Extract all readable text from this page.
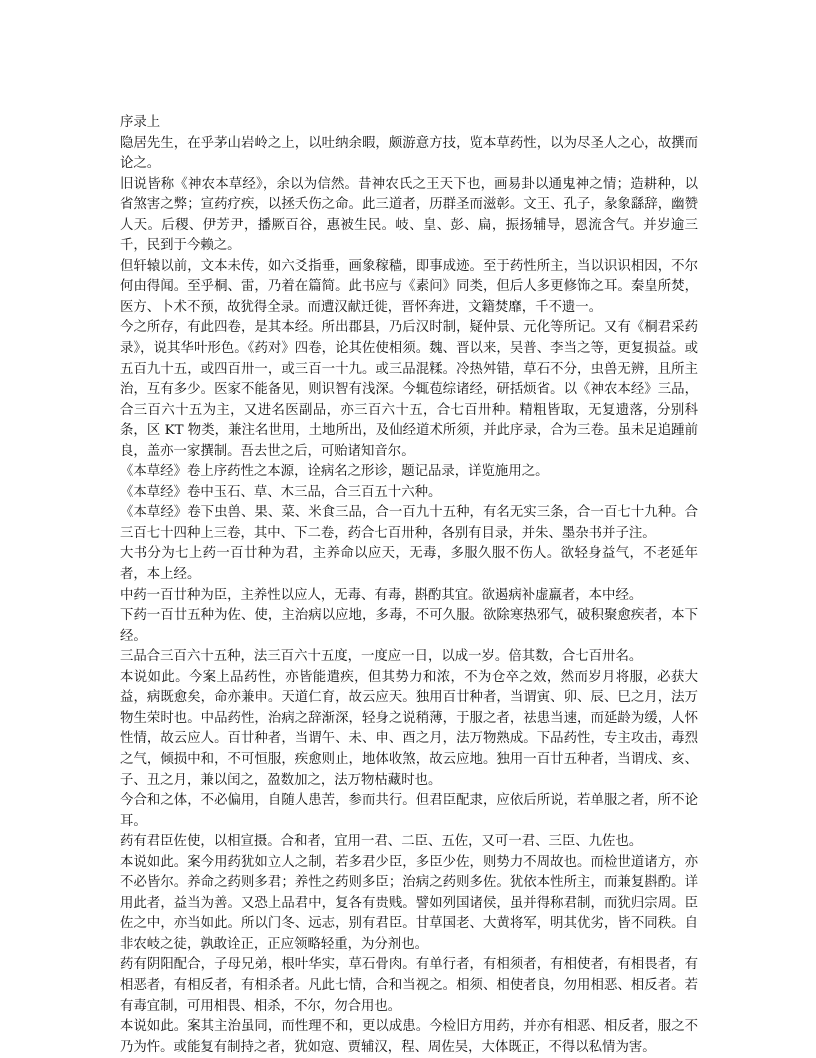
序录上

隐居先生，在乎茅山岩岭之上，以吐纳余暇，颇游意方技，览本草药性，以为尽圣人之心，故撰而论之。

旧说皆称《神农本草经》，余以为信然。昔神农氏之王天下也，画易卦以通鬼神之情；造耕种，以省煞害之弊；宣药疗疾，以拯夭伤之命。此三道者，历群圣而滋彰。文王、孔子，彖象繇辞，幽赞人天。后稷、伊芳尹，播厥百谷，惠被生民。岐、皇、彭、扁，振扬辅导，恩流含气。并岁逾三千，民到于今赖之。

但轩辕以前，文本未传，如六爻指垂，画象稼穑，即事成迹。至于药性所主，当以识识相因，不尔何由得闻。至乎桐、雷，乃着在篇简。此书应与《素问》同类，但后人多更修饰之耳。秦皇所焚，医方、卜术不预，故犹得全录。而遭汉献迁徙，晋怀奔进，文籍焚靡，千不遗一。

今之所存，有此四卷，是其本经。所出郡县，乃后汉时制，疑仲景、元化等所记。又有《桐君采药录》，说其华叶形色。《药对》四卷，论其佐使相须。魏、晋以来，吴普、李当之等，更复损益。或五百九十五，或四百卅一，或三百一十九。或三品混糅。冷热舛错，草石不分，虫兽无辨，且所主治，互有多少。医家不能备见，则识智有浅深。今辄苞综诸经，研括烦省。以《神农本经》三品，合三百六十五为主，又进名医副品，亦三百六十五，合七百卅种。精粗皆取，无复遗落，分别科条，区 KT 物类，兼注名世用，土地所出，及仙经道术所须，并此序录，合为三卷。虽未足追踵前良，盖亦一家撰制。吾去世之后，可贻诸知音尔。

《本草经》卷上序药性之本源，诠病名之形诊，题记品录，详览施用之。

《本草经》卷中玉石、草、木三品，合三百五十六种。

《本草经》卷下虫兽、果、菜、米食三品，合一百九十五种，有名无实三条，合一百七十九种。合三百七十四种上三卷，其中、下二卷，药合七百卅种，各别有目录，并朱、墨杂书并子注。

大书分为七上药一百廿种为君，主养命以应天，无毒，多服久服不伤人。欲轻身益气，不老延年者，本上经。

中药一百廿种为臣，主养性以应人，无毒、有毒，斟酌其宜。欲遏病补虚羸者，本中经。

下药一百廿五种为佐、使，主治病以应地，多毒，不可久服。欲除寒热邪气，破积聚愈疾者，本下经。

三品合三百六十五种，法三百六十五度，一度应一日，以成一岁。倍其数，合七百卅名。

本说如此。今案上品药性，亦皆能遣疾，但其势力和浓，不为仓卒之效，然而岁月将服，必获大益，病既愈矣，命亦兼申。天道仁育，故云应天。独用百廿种者，当谓寅、卯、辰、巳之月，法万物生荣时也。中品药性，治病之辞渐深，轻身之说稍薄，于服之者，祛患当速，而延龄为缓，人怀性情，故云应人。百廿种者，当谓午、未、申、酉之月，法万物熟成。下品药性，专主攻击，毒烈之气，倾损中和，不可恒服，疾愈则止，地体收煞，故云应地。独用一百廿五种者，当谓戌、亥、子、丑之月，兼以闰之，盈数加之，法万物枯藏时也。

今合和之体，不必偏用，自随人患苦，参而共行。但君臣配隶，应依后所说，若单服之者，所不论耳。

药有君臣佐使，以相宣摄。合和者，宜用一君、二臣、五佐，又可一君、三臣、九佐也。

本说如此。案今用药犹如立人之制，若多君少臣，多臣少佐，则势力不周故也。而检世道诸方，亦不必皆尔。养命之药则多君；养性之药则多臣；治病之药则多佐。犹依本性所主，而兼复斟酌。详用此者，益当为善。又恐上品君中，复各有贵贱。譬如列国诸侯，虽并得称君制，而犹归宗周。臣佐之中，亦当如此。所以门冬、远志，别有君臣。甘草国老、大黄将军，明其优劣，皆不同秩。自非农岐之徒，孰敢诠正，正应领略轻重，为分剂也。

药有阴阳配合，子母兄弟，根叶华实，草石骨肉。有单行者，有相须者，有相使者，有相畏者，有相恶者，有相反者，有相杀者。凡此七情，合和当视之。相须、相使者良，勿用相恶、相反者。若有毒宜制，可用相畏、相杀，不尔，勿合用也。

本说如此。案其主治虽同，而性理不和，更以成患。今检旧方用药，并亦有相恶、相反者，服之不乃为忤。或能复有制持之者，犹如寇、贾辅汉，程、周佐吴，大体既正，不得以私情为害。
